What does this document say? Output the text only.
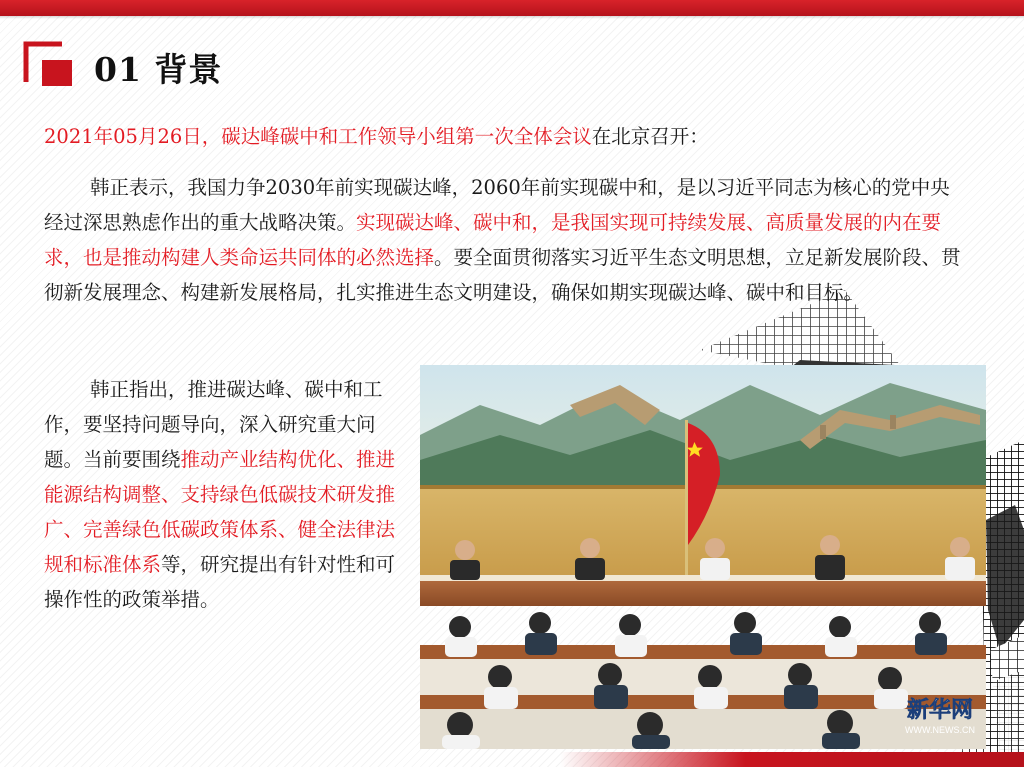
01 背景
2021年05月26日，碳达峰碳中和工作领导小组第一次全体会议在北京召开：
韩正表示，我国力争2030年前实现碳达峰，2060年前实现碳中和，是以习近平同志为核心的党中央经过深思熟虑作出的重大战略决策。实现碳达峰、碳中和，是我国实现可持续发展、高质量发展的内在要求，也是推动构建人类命运共同体的必然选择。要全面贯彻落实习近平生态文明思想，立足新发展阶段、贯彻新发展理念、构建新发展格局，扎实推进生态文明建设，确保如期实现碳达峰、碳中和目标。
韩正指出，推进碳达峰、碳中和工作，要坚持问题导向，深入研究重大问题。当前要围绕推动产业结构优化、推进能源结构调整、支持绿色低碳技术研发推广、完善绿色低碳政策体系、健全法律法规和标准体系等，研究提出有针对性和可操作性的政策举措。
新华网
WWW.NEWS.CN
